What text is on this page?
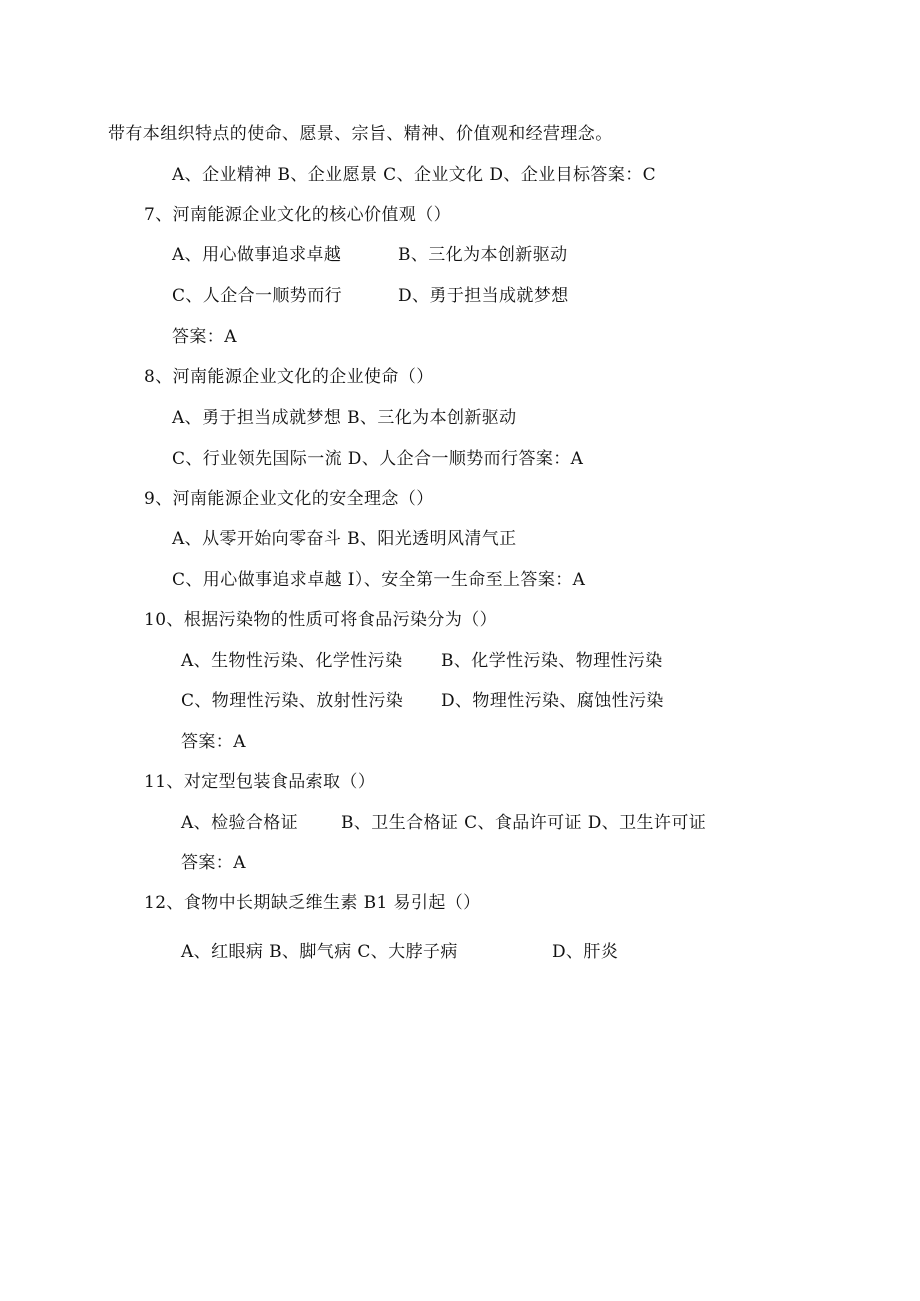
带有本组织特点的使命、愿景、宗旨、精神、价值观和经营理念。
A、企业精神 B、企业愿景 C、企业文化 D、企业目标答案：C
7、河南能源企业文化的核心价值观（）
A、用心做事追求卓越	B、三化为本创新驱动
C、人企合一顺势而行	D、勇于担当成就梦想
答案：A
8、河南能源企业文化的企业使命（）
A、勇于担当成就梦想 B、三化为本创新驱动
C、行业领先国际一流 D、人企合一顺势而行答案：A
9、河南能源企业文化的安全理念（）
A、从零开始向零奋斗 B、阳光透明风清气正
C、用心做事追求卓越 I）、安全第一生命至上答案：A
10、根据污染物的性质可将食品污染分为（）
A、生物性污染、化学性污染 B、化学性污染、物理性污染
C、物理性污染、放射性污染 D、物理性污染、腐蚀性污染
答案：A
11、对定型包装食品索取（）
A、检验合格证	B、卫生合格证 C、食品许可证 D、卫生许可证
答案：A
12、食物中长期缺乏维生素 B1 易引起（）
A、红眼病 B、脚气病 C、大脖子病	D、肝炎
